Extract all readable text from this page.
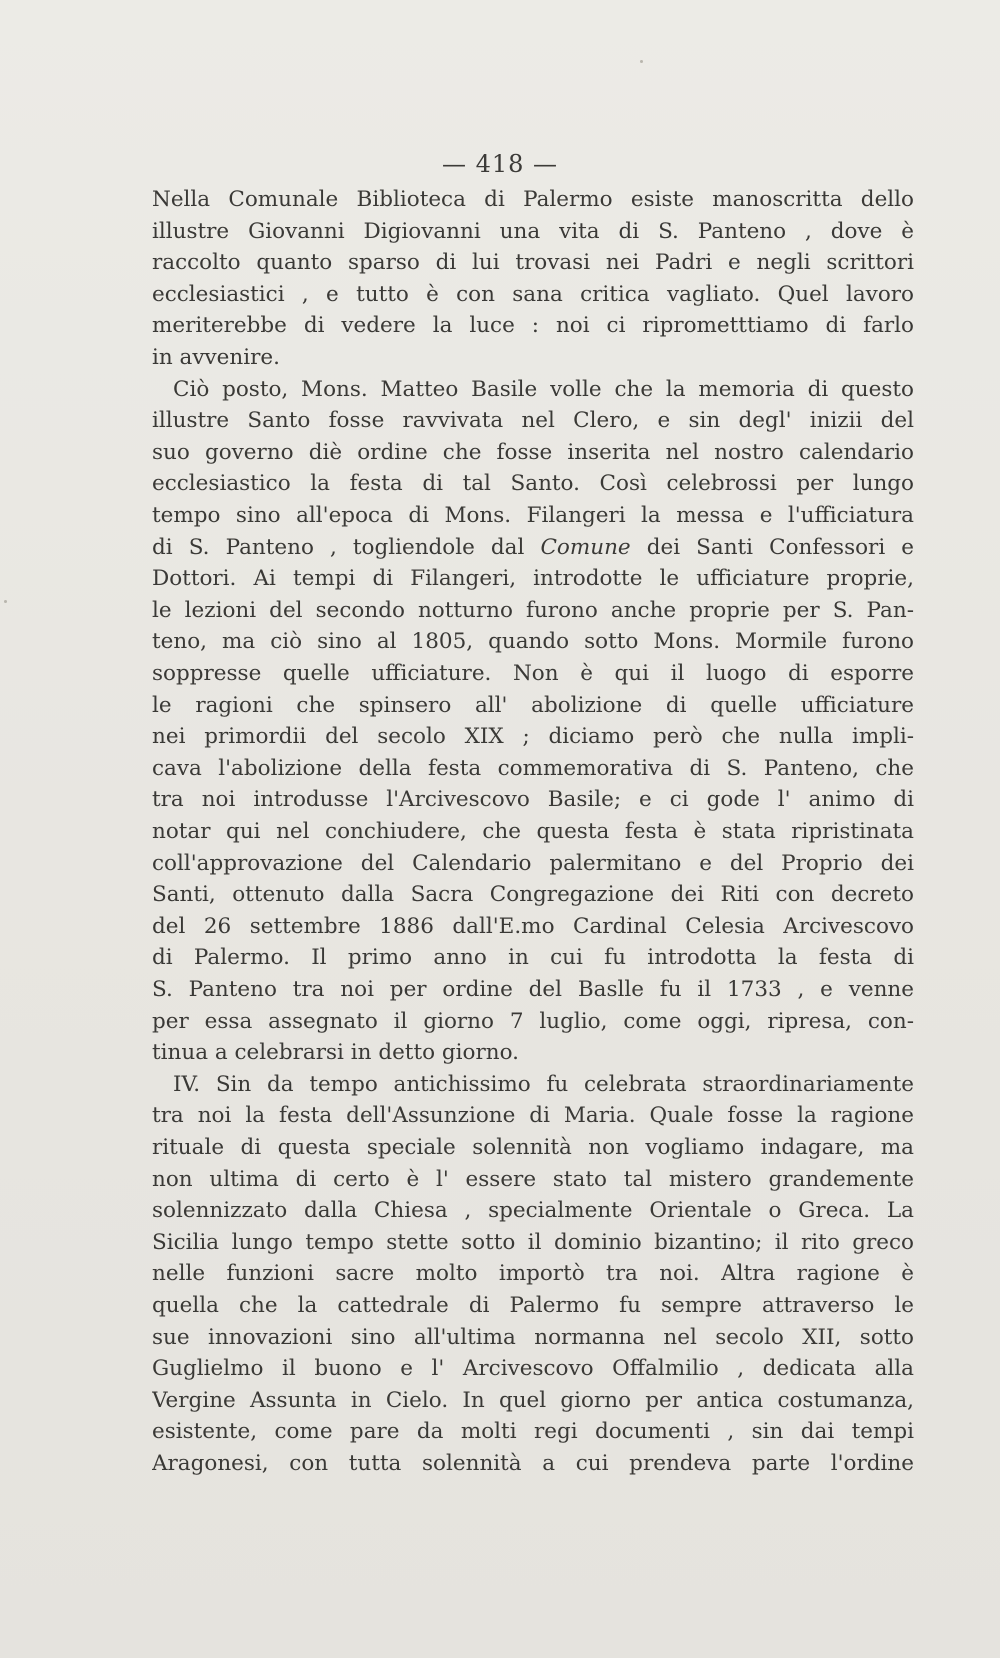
— 418 —
Nella Comunale Biblioteca di Palermo esiste manoscritta dello
illustre Giovanni Digiovanni una vita di S. Panteno , dove è
raccolto quanto sparso di lui trovasi nei Padri e negli scrittori
ecclesiastici , e tutto è con sana critica vagliato. Quel lavoro
meriterebbe di vedere la luce : noi ci riprometttiamo di farlo
in avvenire.
Ciò posto, Mons. Matteo Basile volle che la memoria di questo
illustre Santo fosse ravvivata nel Clero, e sin degl' inizii del
suo governo diè ordine che fosse inserita nel nostro calendario
ecclesiastico la festa di tal Santo. Così celebrossi per lungo
tempo sino all'epoca di Mons. Filangeri la messa e l'ufficiatura
di S. Panteno , togliendole dal Comune dei Santi Confessori e
Dottori. Ai tempi di Filangeri, introdotte le ufficiature proprie,
le lezioni del secondo notturno furono anche proprie per S. Pan-
teno, ma ciò sino al 1805, quando sotto Mons. Mormile furono
soppresse quelle ufficiature. Non è qui il luogo di esporre
le ragioni che spinsero all' abolizione di quelle ufficiature
nei primordii del secolo XIX ; diciamo però che nulla impli-
cava l'abolizione della festa commemorativa di S. Panteno, che
tra noi introdusse l'Arcivescovo Basile; e ci gode l' animo di
notar qui nel conchiudere, che questa festa è stata ripristinata
coll'approvazione del Calendario palermitano e del Proprio dei
Santi, ottenuto dalla Sacra Congregazione dei Riti con decreto
del 26 settembre 1886 dall'E.mo Cardinal Celesia Arcivescovo
di Palermo. Il primo anno in cui fu introdotta la festa di
S. Panteno tra noi per ordine del Baslle fu il 1733 , e venne
per essa assegnato il giorno 7 luglio, come oggi, ripresa, con-
tinua a celebrarsi in detto giorno.
IV. Sin da tempo antichissimo fu celebrata straordinariamente
tra noi la festa dell'Assunzione di Maria. Quale fosse la ragione
rituale di questa speciale solennità non vogliamo indagare, ma
non ultima di certo è l' essere stato tal mistero grandemente
solennizzato dalla Chiesa , specialmente Orientale o Greca. La
Sicilia lungo tempo stette sotto il dominio bizantino; il rito greco
nelle funzioni sacre molto importò tra noi. Altra ragione è
quella che la cattedrale di Palermo fu sempre attraverso le
sue innovazioni sino all'ultima normanna nel secolo XII, sotto
Guglielmo il buono e l' Arcivescovo Offalmilio , dedicata alla
Vergine Assunta in Cielo. In quel giorno per antica costumanza,
esistente, come pare da molti regi documenti , sin dai tempi
Aragonesi, con tutta solennità a cui prendeva parte l'ordine
